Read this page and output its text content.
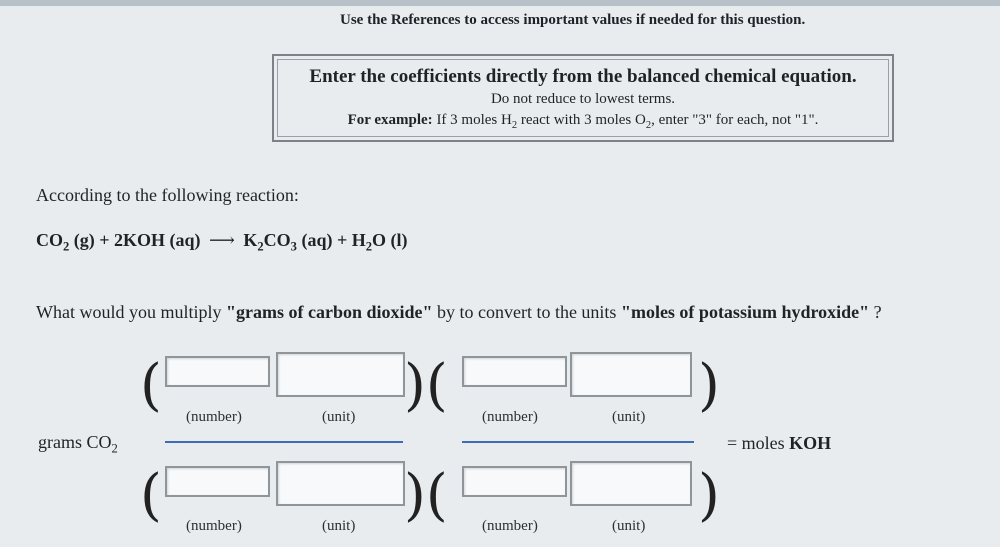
Use the References to access important values if needed for this question.
Enter the coefficients directly from the balanced chemical equation.
Do not reduce to lowest terms.
For example: If 3 moles $H_2$ react with 3 moles $O_2$, enter "3" for each, not "1".
According to the following reaction:
$CO_2$ (g) + 2KOH (aq) ⟶ $K_2CO_3$ $(aq) + H_2O$ (l)
What would you multiply "grams of carbon dioxide" by to convert to the units "moles of potassium hydroxide" ?
(	)(	)
(number)	(unit)	(number)	(unit)
grams $CO_2$	= moles KOH
(	)(	)
(number)	(unit)	(number)	(unit)
